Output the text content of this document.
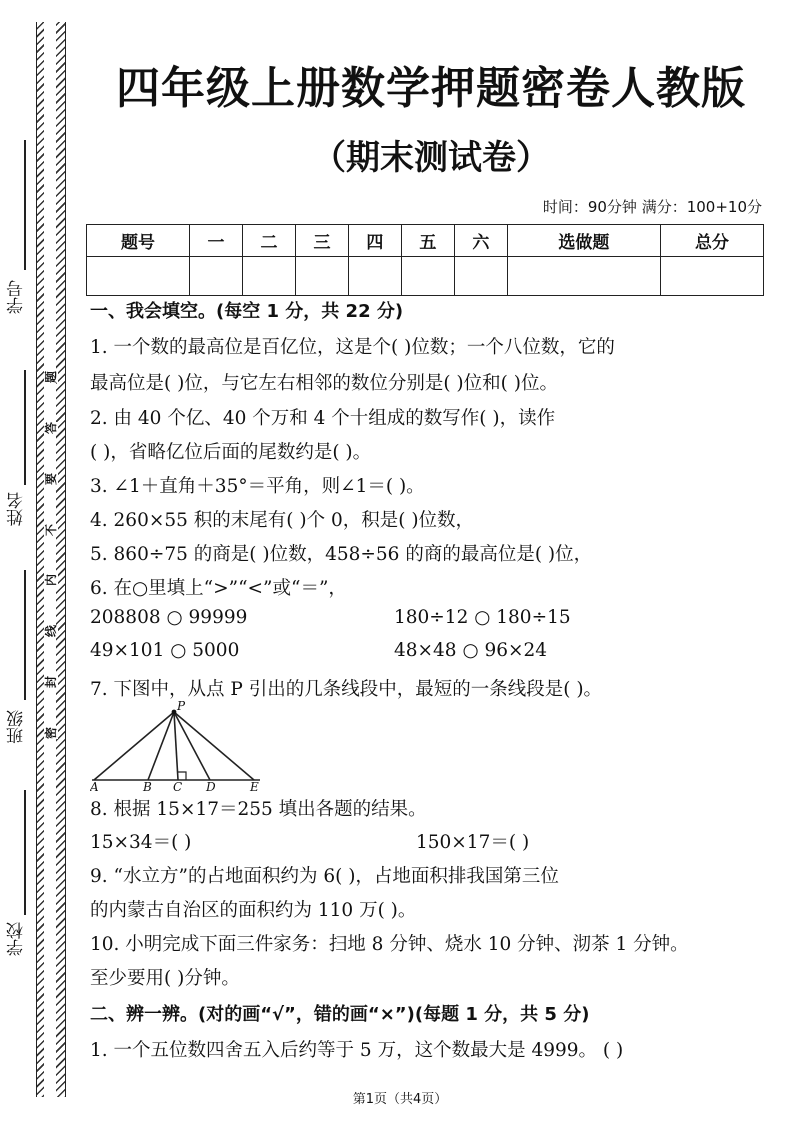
学号
姓名
班级
学校
题
答
要
不
内
线
封
密
四年级上册数学押题密卷人教版
（期末测试卷）
时间：90分钟 满分：100+10分
题号	一	二	三	四	五	六	选做题	总分

一、我会填空。(每空 1 分，共 22 分)
1. 一个数的最高位是百亿位，这是个( )位数；一个八位数，它的
最高位是( )位，与它左右相邻的数位分别是( )位和( )位。
2. 由 40 个亿、40 个万和 4 个十组成的数写作( )，读作
( )，省略亿位后面的尾数约是( )。
3. ∠1＋直角＋35°＝平角，则∠1＝( )。
4. 260×55 积的末尾有( )个 0，积是( )位数，
5. 860÷75 的商是( )位数，458÷56 的商的最高位是( )位，
6. 在○里填上“>”“<”或“＝”，
208808 ○ 99999	180÷12 ○ 180÷15
49×101 ○ 5000	48×48 ○ 96×24
7. 下图中，从点 P 引出的几条线段中，最短的一条线段是( )。
P
A	B C D	E
8. 根据 15×17＝255 填出各题的结果。
15×34＝( )	150×17＝( )
9. “水立方”的占地面积约为 6( )，占地面积排我国第三位
的内蒙古自治区的面积约为 110 万( )。
10. 小明完成下面三件家务：扫地 8 分钟、烧水 10 分钟、沏茶 1 分钟。
至少要用( )分钟。
二、辨一辨。(对的画“√”，错的画“×”)(每题 1 分，共 5 分)
1. 一个五位数四舍五入后约等于 5 万，这个数最大是 4999。 ( )
第1页（共4页）
